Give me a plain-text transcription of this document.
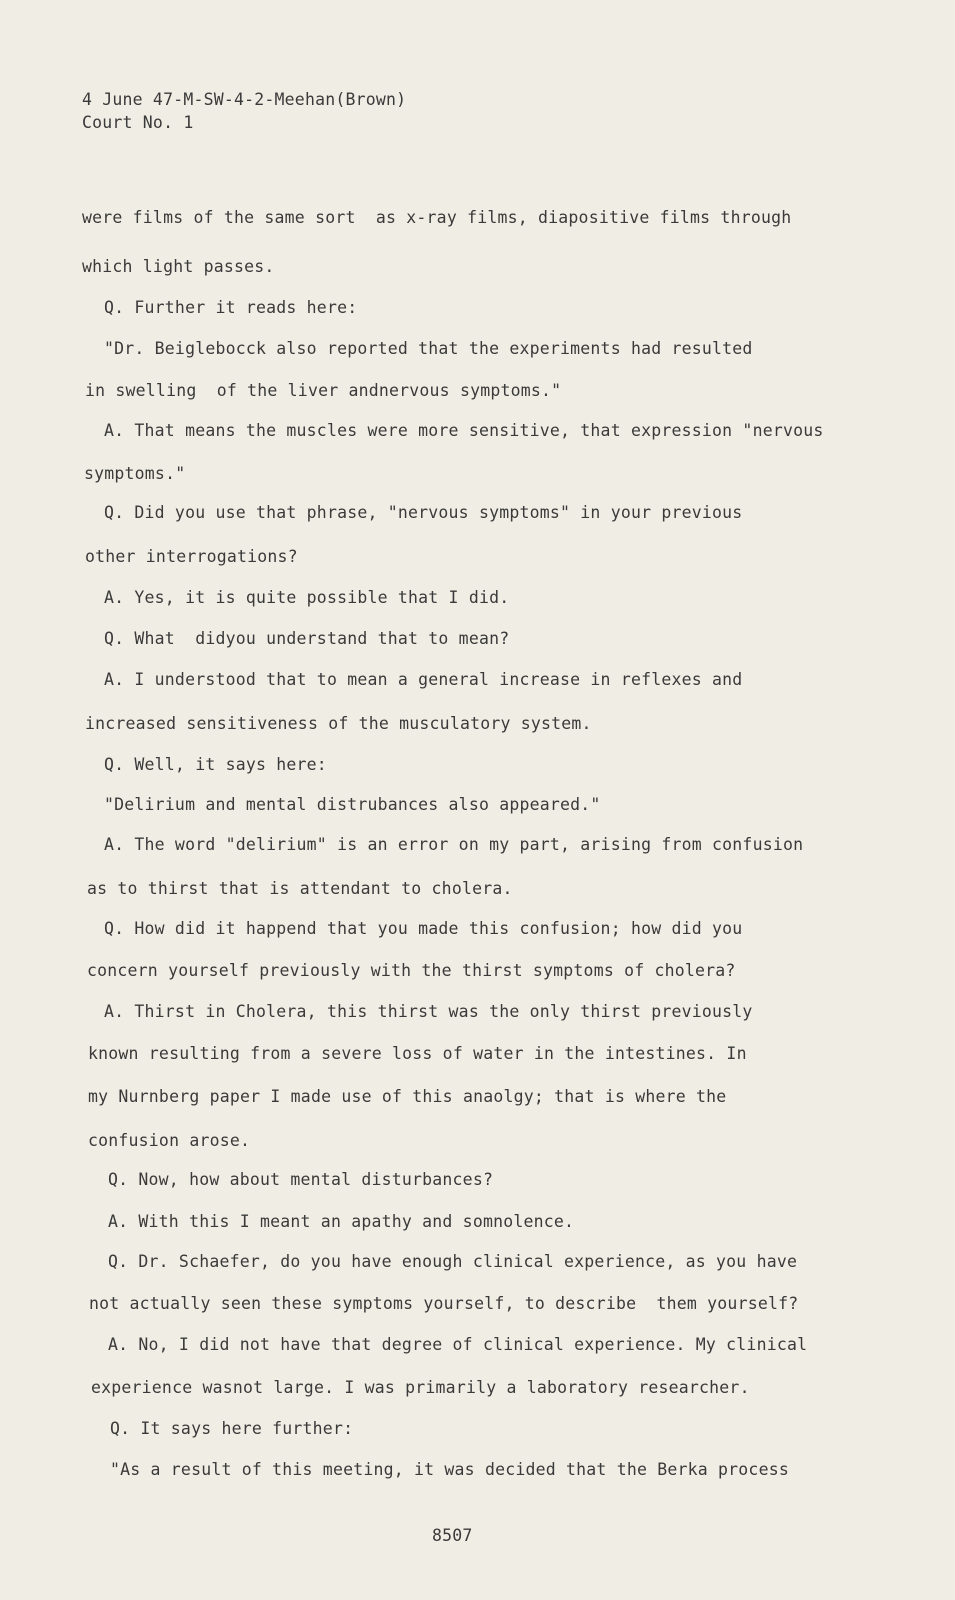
4 June 47-M-SW-4-2-Meehan(Brown)
Court No. 1
were films of the same sort  as x-ray films, diapositive films through
which light passes.
Q. Further it reads here:
"Dr. Beiglebocck also reported that the experiments had resulted
in swelling  of the liver andnervous symptoms."
A. That means the muscles were more sensitive, that expression "nervous
symptoms."
Q. Did you use that phrase, "nervous symptoms" in your previous
other interrogations?
A. Yes, it is quite possible that I did.
Q. What  didyou understand that to mean?
A. I understood that to mean a general increase in reflexes and
increased sensitiveness of the musculatory system.
Q. Well, it says here:
"Delirium and mental distrubances also appeared."
A. The word "delirium" is an error on my part, arising from confusion
as to thirst that is attendant to cholera.
Q. How did it happend that you made this confusion; how did you
concern yourself previously with the thirst symptoms of cholera?
A. Thirst in Cholera, this thirst was the only thirst previously
known resulting from a severe loss of water in the intestines. In
my Nurnberg paper I made use of this anaolgy; that is where the
confusion arose.
Q. Now, how about mental disturbances?
A. With this I meant an apathy and somnolence.
Q. Dr. Schaefer, do you have enough clinical experience, as you have
not actually seen these symptoms yourself, to describe  them yourself?
A. No, I did not have that degree of clinical experience. My clinical
experience wasnot large. I was primarily a laboratory researcher.
Q. It says here further:
"As a result of this meeting, it was decided that the Berka process
8507
